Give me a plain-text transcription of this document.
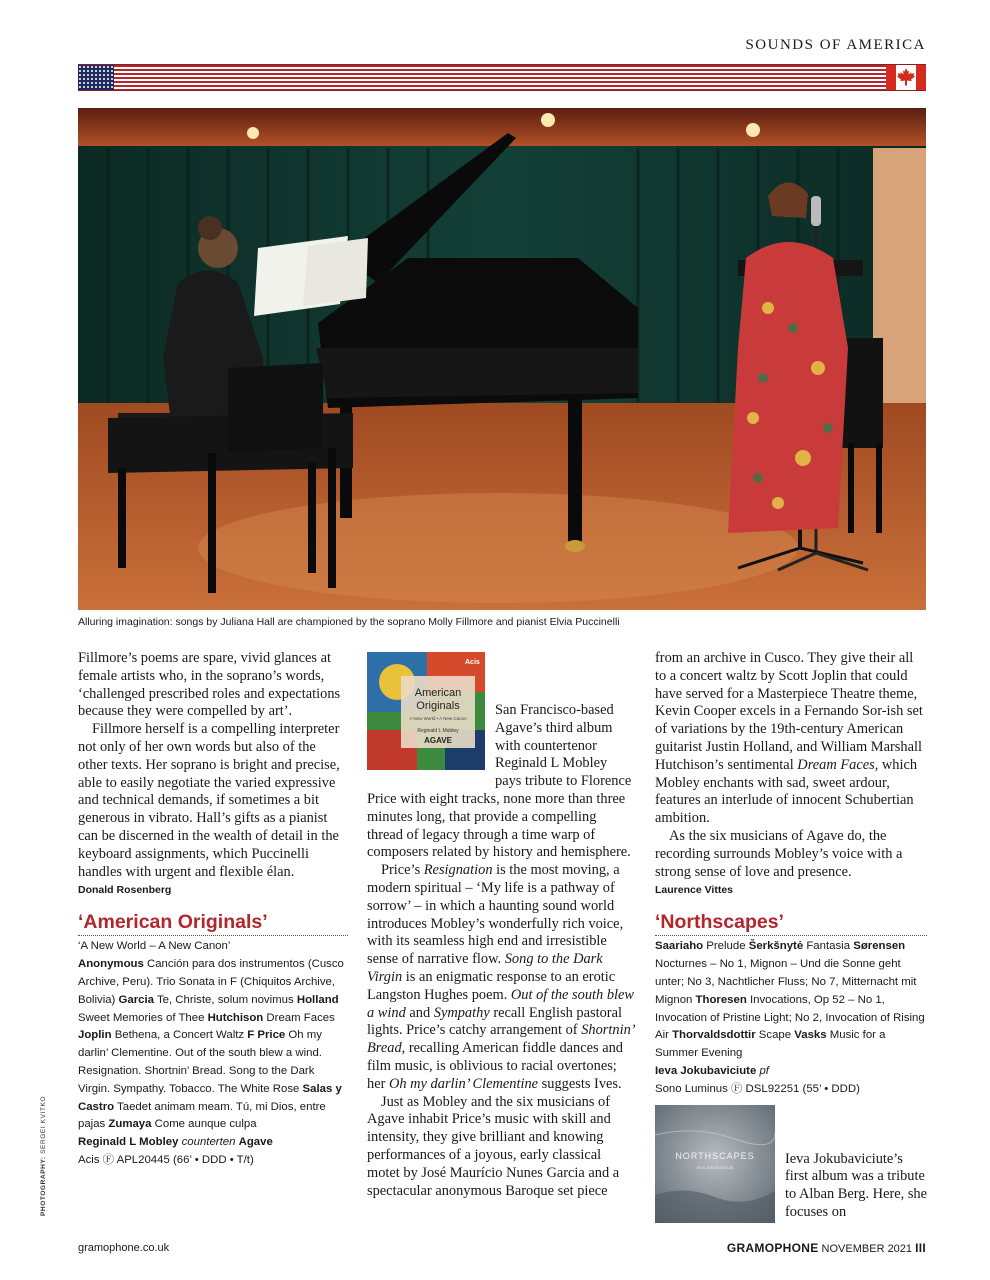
SOUNDS OF AMERICA
Alluring imagination: songs by Juliana Hall are championed by the soprano Molly Fillmore and pianist Elvia Puccinelli
PHOTOGRAPHY: SERGEI KVITKO

Fillmore’s poems are spare, vivid glances at female artists who, in the soprano’s words, ‘challenged prescribed roles and expectations because they were compelled by art’.

Fillmore herself is a compelling interpreter not only of her own words but also of the other texts. Her soprano is bright and precise, able to easily negotiate the varied expressive and technical demands, if sometimes a bit generous in vibrato. Hall’s gifts as a pianist can be discerned in the wealth of detail in the keyboard assignments, which Puccinelli handles with urgent and flexible élan.

Donald Rosenberg
‘American Originals’
‘A New World – A New Canon’
Anonymous Canción para dos instrumentos (Cusco Archive, Peru). Trio Sonata in F (Chiquitos Archive, Bolivia) Garcia Te, Christe, solum novimus Holland Sweet Memories of Thee Hutchison Dream Faces Joplin Bethena, a Concert Waltz F Price Oh my darlin’ Clementine. Out of the south blew a wind. Resignation. Shortnin’ Bread. Song to the Dark Virgin. Sympathy. Tobacco. The White Rose Salas y Castro Taedet animam meam. Tú, mi Dios, entre pajas Zumaya Come aunque culpa
Reginald L Mobley counterten Agave
Acis Ⓕ APL20445 (66’ • DDD • T/t)
Acis
American
Originals
A New World • A New Canon
Reginald L Mobley
AGAVE

San Francisco-based Agave’s third album with countertenor Reginald L Mobley pays tribute to Florence Price with eight tracks, none more than three minutes long, that provide a compelling thread of legacy through a time warp of composers related by history and hemisphere.

Price’s Resignation is the most moving, a modern spiritual – ‘My life is a pathway of sorrow’ – in which a haunting sound world introduces Mobley’s wonderfully rich voice, with its seamless high end and irresistible sense of narrative flow. Song to the Dark Virgin is an enigmatic response to an erotic Langston Hughes poem. Out of the south blew a wind and Sympathy recall English pastoral lights. Price’s catchy arrangement of Shortnin’ Bread, recalling American fiddle dances and film music, is oblivious to racial overtones; her Oh my darlin’ Clementine suggests Ives.

Just as Mobley and the six musicians of Agave inhabit Price’s music with skill and intensity, they give brilliant and knowing performances of a joyous, early classical motet by José Maurício Nunes Garcia and a spectacular anonymous Baroque set piece

from an archive in Cusco. They give their all to a concert waltz by Scott Joplin that could have served for a Masterpiece Theatre theme, Kevin Cooper excels in a Fernando Sor-ish set of variations by the 19th-century American guitarist Justin Holland, and William Marshall Hutchison’s sentimental Dream Faces, which Mobley enchants with sad, sweet ardour, features an interlude of innocent Schubertian ambition.

As the six musicians of Agave do, the recording surrounds Mobley’s voice with a strong sense of love and presence.

Laurence Vittes
‘Northscapes’
Saariaho Prelude Šerkšnytė Fantasia Sørensen Nocturnes – No 1, Mignon – Und die Sonne geht unter; No 3, Nachtlicher Fluss; No 7, Mitternacht mit Mignon Thoresen Invocations, Op 52 – No 1, Invocation of Pristine Light; No 2, Invocation of Rising Air Thorvaldsdottir Scape Vasks Music for a Summer Evening
Ieva Jokubaviciute pf
Sono Luminus Ⓕ DSL92251 (55’ • DDD)
NORTHSCAPES
Ieva Jokubaviciute

Ieva Jokubaviciute’s first album was a tribute to Alban Berg. Here, she focuses on

gramophone.co.uk	GRAMOPHONE NOVEMBER 2021 III
